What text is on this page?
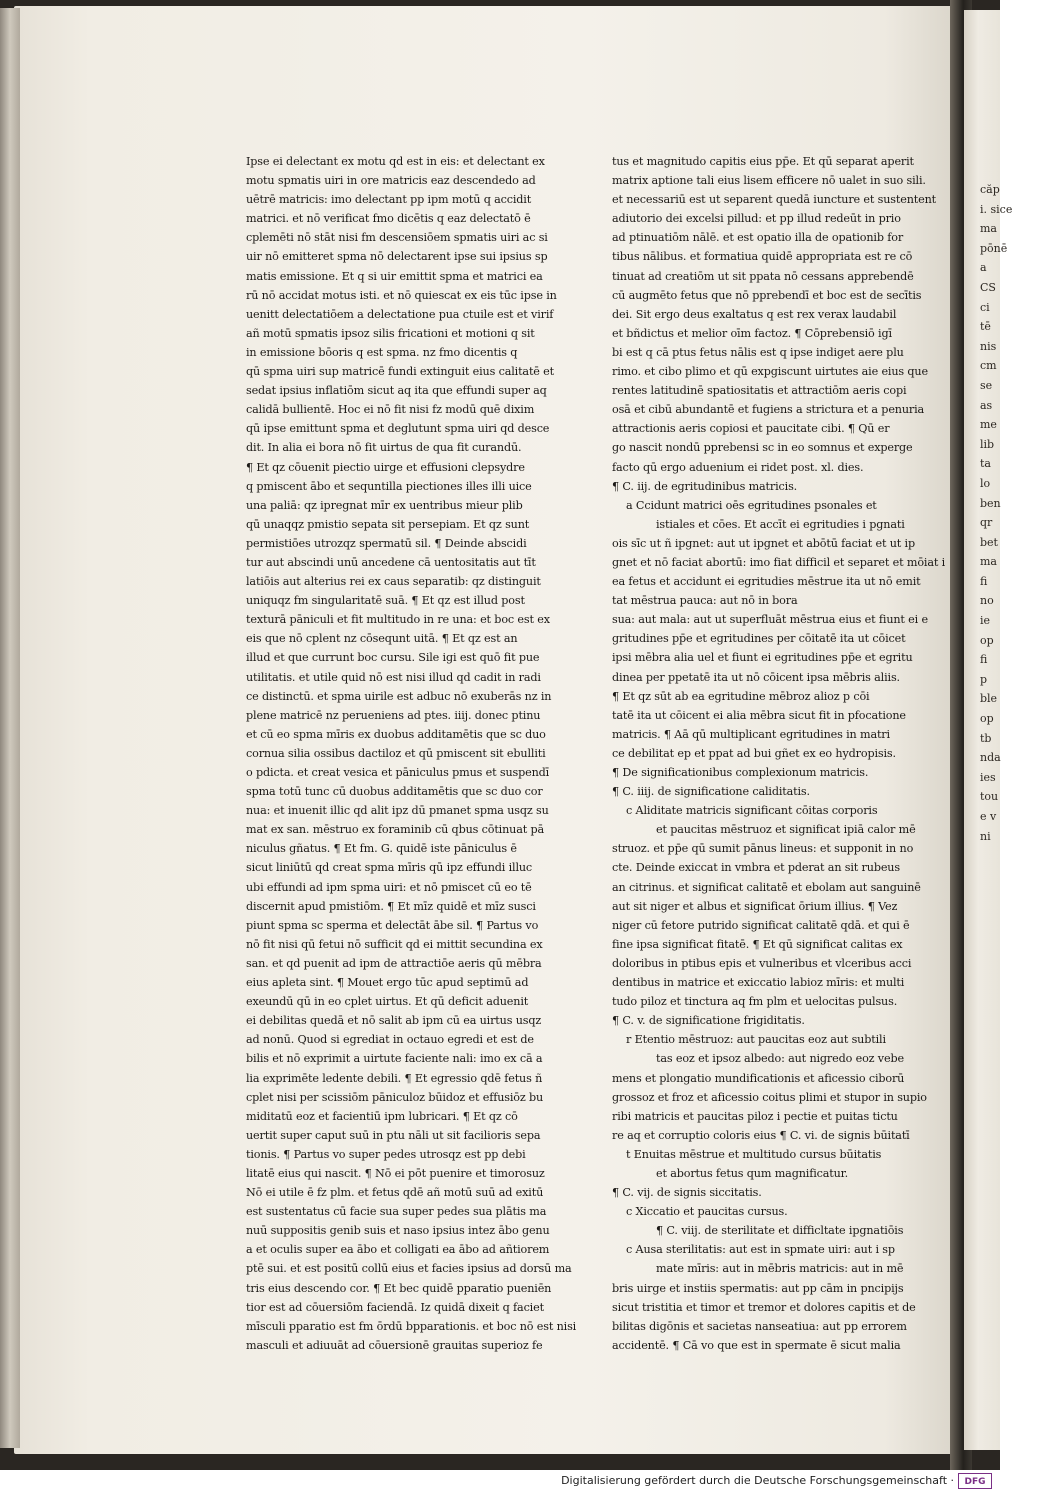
Ipse ei delectant ex motu qd est in eis: et delectant ex
motu spmatis uiri in ore matricis eaz descendedo ad
uētrē matricis: imo delectant pp ipm motū q accidit
matrici. et nō verificat fmo dicētis q eaz delectatō ē
cplemēti nō stāt nisi fm descensiōem spmatis uiri ac si
uir nō emitteret spma nō delectarent ipse sui ipsius sp
matis emissione. Et q si uir emittit spma et matrici ea
rū nō accidat motus isti. et nō quiescat ex eis tūc ipse in
uenitt delectatiōem a delectatione pua ctuile est et virif
añ motū spmatis ipsoz silis fricationi et motioni q sit
in emissione bōoris q est spma. nz fmo dicentis q
qū spma uiri sup matricē fundi extinguit eius calitatē et
sedat ipsius inflatiōm sicut aq ita que effundi super aq
calidā bullientē. Hoc ei nō fit nisi fz modū quē dixim
qū ipse emittunt spma et deglutunt spma uiri qd desce
dit. In alia ei bora nō fit uirtus de qua fit curandū.
¶ Et qz cōuenit piectio uirge et effusioni clepsydre
q pmiscent ābo et sequntilla piectiones illes illi uice
una paliā: qz ipregnat mīr ex uentribus mieur plib
qū unaqqz pmistio sepata sit persepiam. Et qz sunt
permistiōes utrozqz spermatū sil. ¶ Deinde abscidi
tur aut abscindi unū ancedene cā uentositatis aut tīt
latiōis aut alterius rei ex caus separatib: qz distinguit
uniquqz fm singularitatē suā. ¶ Et qz est illud post
texturā pāniculi et fit multitudo in re una: et boc est ex
eis que nō cplent nz cōsequnt uitā. ¶ Et qz est an
illud et que currunt boc cursu. Sile igi est quō fit pue
utilitatis. et utile quid nō est nisi illud qd cadit in radi
ce distinctū. et spma uirile est adbuc nō exuberās nz in
plene matricē nz perueniens ad ptes. iiij. donec ptinu
et cū eo spma mīris ex duobus additamētis que sc duo
cornua silia ossibus dactiloz et qū pmiscent sit ebulliti
o pdicta. et creat vesica et pāniculus pmus et suspendī
spma totū tunc cū duobus additamētis que sc duo cor
nua: et inuenit illic qd alit ipz dū pmanet spma usqz su
mat ex san. mēstruo ex foraminib cū qbus cōtinuat pā
niculus gñatus. ¶ Et fm. G. quidē iste pāniculus ē
sicut liniūtū qd creat spma mīris qū ipz effundi illuc
ubi effundi ad ipm spma uiri: et nō pmiscet cū eo tē
discernit apud pmistiōm. ¶ Et mīz quidē et mīz susci
piunt spma sc sperma et delectāt ābe sil. ¶ Partus vo
nō fit nisi qū fetui nō sufficit qd ei mittit secundina ex
san. et qd puenit ad ipm de attractiōe aeris qū mēbra
eius apleta sint. ¶ Mouet ergo tūc apud septimū ad
exeundū qū in eo cplet uirtus. Et qū deficit aduenit
ei debilitas quedā et nō salit ab ipm cū ea uirtus usqz
ad nonū. Quod si egrediat in octauo egredi et est de
bilis et nō exprimit a uirtute faciente nali: imo ex cā a
lia exprimēte ledente debili. ¶ Et egressio qdē fetus ñ
cplet nisi per scissiōm pāniculoz būidoz et effusiōz bu
miditatū eoz et facientiū ipm lubricari. ¶ Et qz cō
uertit super caput suū in ptu nāli ut sit facilioris sepa
tionis. ¶ Partus vo super pedes utrosqz est pp debi
litatē eius qui nascit. ¶ Nō ei pōt puenire et timorosuz
Nō ei utile ē fz plm. et fetus qdē añ motū suū ad exitū
est sustentatus cū facie sua super pedes sua plātis ma
nuū suppositis genib suis et naso ipsius intez ābo genu
a et oculis super ea ābo et colligati ea ābo ad añtiorem
ptē sui. et est positū collū eius et facies ipsius ad dorsū ma
tris eius descendo cor. ¶ Et bec quidē pparatio pueniēn
tior est ad cōuersiōm faciendā. Iz quidā dixeit q faciet
mīsculi pparatio est fm ōrdū bpparationis. et boc nō est nisi
masculi et adiuuāt ad cōuersionē grauitas superioz fe
tus et magnitudo capitis eius pp̄e. Et qū separat aperit
matrix aptione tali eius lisem efficere nō ualet in suo sili.
et necessariū est ut separent quedā iuncture et sustentent
adiutorio dei excelsi pillud: et pp illud redeūt in prio
ad ptinuatiōm nālē. et est opatio illa de opationib for
tibus nālibus. et formatiua quidē appropriata est re cō
tinuat ad creatiōm ut sit ppata nō cessans apprebendē
cū augmēto fetus que nō pprebendī et boc est de secītis
dei. Sit ergo deus exaltatus q est rex verax laudabil
et bñdictus et melior oīm factoz. ¶ Cōprebensiō igī
bi est q cā ptus fetus nālis est q ipse indiget aere plu
rimo. et cibo plimo et qū expgiscunt uirtutes aie eius que
rentes latitudinē spatiositatis et attractiōm aeris copi
osā et cibū abundantē et fugiens a strictura et a penuria
attractionis aeris copiosi et paucitate cibi. ¶ Qū er
go nascit nondū pprebensi sc in eo somnus et experge
facto qū ergo aduenium ei ridet post. xl. dies.
¶ C. iij. de egritudinibus matricis.
a Ccidunt matrici oēs egritudines psonales et
istiales et cōes. Et accīt ei egritudies i pgnati
ois sīc ut ñ ipgnet: aut ut ipgnet et abōtū faciat et ut ip
gnet et nō faciat abortū: imo fiat difficil et separet et mōiat i
ea fetus et accidunt ei egritudies mēstrue ita ut nō emit
tat mēstrua pauca: aut nō in bora
sua: aut mala: aut ut superfluāt mēstrua eius et fiunt ei e
gritudines pp̄e et egritudines per cōitatē ita ut cōicet
ipsi mēbra alia uel et fiunt ei egritudines pp̄e et egritu
dinea per ppetatē ita ut nō cōicent ipsa mēbris aliis.
¶ Et qz sūt ab ea egritudine mēbroz alioz p cōi
tatē ita ut cōicent ei alia mēbra sicut fit in pfocatione
matricis. ¶ Aā qū multiplicant egritudines in matri
ce debilitat ep et ppat ad bui gñet ex eo hydropisis.
¶ De significationibus complexionum matricis.
¶ C. iiij. de significatione caliditatis.
c Aliditate matricis significant cōitas corporis
et paucitas mēstruoz et significat ipiā calor mē
struoz. et pp̄e qū sumit pānus lineus: et supponit in no
cte. Deinde exiccat in vmbra et pderat an sit rubeus
an citrinus. et significat calitatē et ebolam aut sanguinē
aut sit niger et albus et significat ōrium illius. ¶ Vez
niger cū fetore putrido significat calitatē qdā. et qui ē
fine ipsa significat fitatē. ¶ Et qū significat calitas ex
doloribus in ptibus epis et vulneribus et vlceribus acci
dentibus in matrice et exiccatio labioz mīris: et multi
tudo piloz et tinctura aq fm plm et uelocitas pulsus.
¶ C. v. de significatione frigiditatis.
r Etentio mēstruoz: aut paucitas eoz aut subtili
tas eoz et ipsoz albedo: aut nigredo eoz vebe
mens et plongatio mundificationis et aficessio ciborū
grossoz et froz et aficessio coitus plimi et stupor in supio
ribi matricis et paucitas piloz i pectie et puitas tictu
re aq et corruptio coloris eius ¶ C. vi. de signis būitatī
t Enuitas mēstrue et multitudo cursus būitatis
et abortus fetus qum magnificatur.
¶ C. vij. de signis siccitatis.
c Xiccatio et paucitas cursus.
¶ C. viij. de sterilitate et difficltate ipgnatiōis
c Ausa sterilitatis: aut est in spmate uiri: aut i sp
mate mīris: aut in mēbris matricis: aut in mē
bris uirge et instiis spermatis: aut pp cām in pncipijs
sicut tristitia et timor et tremor et dolores capitis et de
bilitas digōnis et sacietas nanseatiua: aut pp errorem
accidentē. ¶ Cā vo que est in spermate ē sicut malia
căp
i. sice
ma
pōnē
a
CS
ci
tē
nis
cm
se
as
me
lib
ta
lo
ben
qr
bet
ma
fi
no
ie
op
fi
p
ble
op
tb
nda
ies
tou
e v
ni
Digitalisierung gefördert durch die Deutsche Forschungsgemeinschaft ·	DFG
